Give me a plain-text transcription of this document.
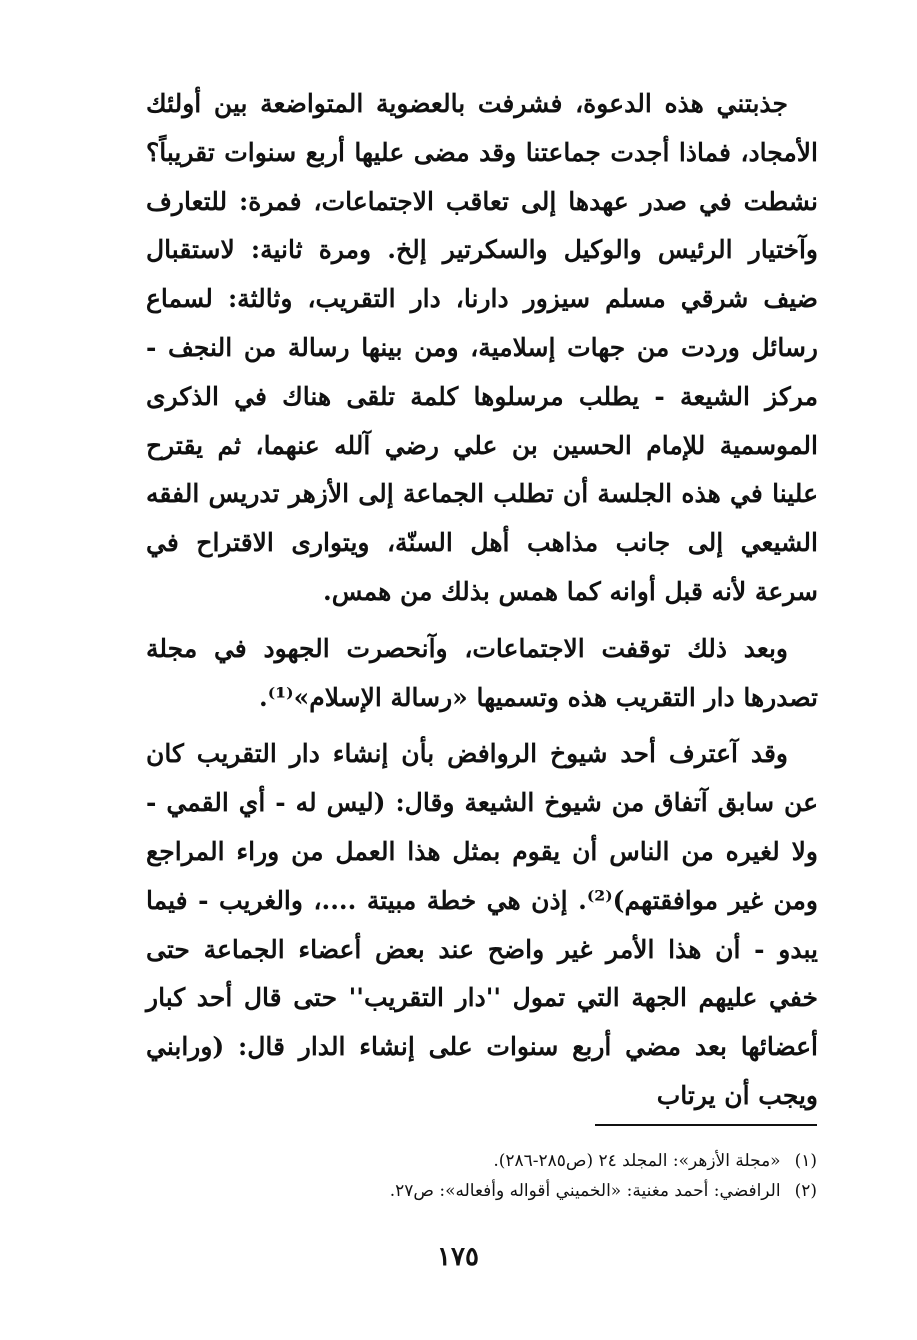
جذبتني هذه الدعوة، فشرفت بالعضوية المتواضعة بين أولئك الأمجاد، فماذا أجدت جماعتنا وقد مضى عليها أربع سنوات تقريباً؟ نشطت في صدر عهدها إلى تعاقب الاجتماعات، فمرة: للتعارف وآختيار الرئيس والوكيل والسكرتير إلخ. ومرة ثانية: لاستقبال ضيف شرقي مسلم سيزور دارنا، دار التقريب، وثالثة: لسماع رسائل وردت من جهات إسلامية، ومن بينها رسالة من النجف - مركز الشيعة - يطلب مرسلوها كلمة تلقى هناك في الذكرى الموسمية للإمام الحسين بن علي رضي آلله عنهما، ثم يقترح علينا في هذه الجلسة أن تطلب الجماعة إلى الأزهر تدريس الفقه الشيعي إلى جانب مذاهب أهل السنّة، ويتوارى الاقتراح في سرعة لأنه قبل أوانه كما همس بذلك من همس.

وبعد ذلك توقفت الاجتماعات، وآنحصرت الجهود في مجلة تصدرها دار التقريب هذه وتسميها «رسالة الإسلام»⁽¹⁾.

وقد آعترف أحد شيوخ الروافض بأن إنشاء دار التقريب كان عن سابق آتفاق من شيوخ الشيعة وقال: (ليس له - أي القمي - ولا لغيره من الناس أن يقوم بمثل هذا العمل من وراء المراجع ومن غير موافقتهم)⁽²⁾. إذن هي خطة مبيتة ....، والغريب - فيما يبدو - أن هذا الأمر غير واضح عند بعض أعضاء الجماعة حتى خفي عليهم الجهة التي تمول ''دار التقريب'' حتى قال أحد كبار أعضائها بعد مضي أربع سنوات على إنشاء الدار قال: (ورابني ويجب أن يرتاب

(١)«مجلة الأزهر»: المجلد ٢٤ (ص٢٨٥-٢٨٦).

(٢)الرافضي: أحمد مغنية: «الخميني أقواله وأفعاله»: ص٢٧.

١٧٥
